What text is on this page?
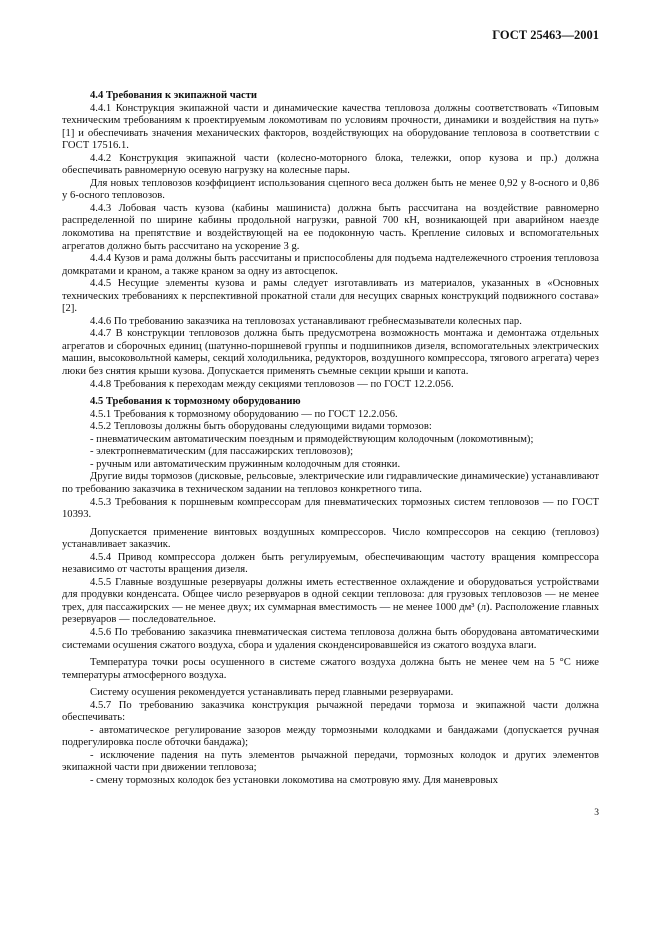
ГОСТ 25463—2001

4.4 Требования к экипажной части

4.4.1 Конструкция экипажной части и динамические качества тепловоза должны соответствовать «Типовым техническим требованиям к проектируемым локомотивам по условиям прочности, динамики и воздействия на путь» [1] и обеспечивать значения механических факторов, воздействующих на оборудование тепловоза в соответствии с ГОСТ 17516.1.

4.4.2 Конструкция экипажной части (колесно-моторного блока, тележки, опор кузова и пр.) должна обеспечивать равномерную осевую нагрузку на колесные пары.

Для новых тепловозов коэффициент использования сцепного веса должен быть не менее 0,92 у 8-осного и 0,86 у 6-осного тепловозов.

4.4.3 Лобовая часть кузова (кабины машиниста) должна быть рассчитана на воздействие равномерно распределенной по ширине кабины продольной нагрузки, равной 700 кН, возникающей при аварийном наезде локомотива на препятствие и воздействующей на ее подоконную часть. Крепление силовых и вспомогательных агрегатов должно быть рассчитано на ускорение 3 g.

4.4.4 Кузов и рама должны быть рассчитаны и приспособлены для подъема надтележечного строения тепловоза домкратами и краном, а также краном за одну из автосцепок.

4.4.5 Несущие элементы кузова и рамы следует изготавливать из материалов, указанных в «Основных технических требованиях к перспективной прокатной стали для несущих сварных конструкций подвижного состава» [2].

4.4.6 По требованию заказчика на тепловозах устанавливают гребнесмазыватели колесных пар.

4.4.7 В конструкции тепловозов должна быть предусмотрена возможность монтажа и демонтажа отдельных агрегатов и сборочных единиц (шатунно-поршневой группы и подшипников дизеля, вспомогательных электрических машин, высоковольтной камеры, секций холодильника, редукторов, воздушного компрессора, тягового агрегата) через люки без снятия крыши кузова. Допускается применять съемные секции крыши и капота.

4.4.8 Требования к переходам между секциями тепловозов — по ГОСТ 12.2.056.

4.5 Требования к тормозному оборудованию

4.5.1 Требования к тормозному оборудованию — по ГОСТ 12.2.056.

4.5.2 Тепловозы должны быть оборудованы следующими видами тормозов:

- пневматическим автоматическим поездным и прямодействующим колодочным (локомотивным);

- электропневматическим (для пассажирских тепловозов);

- ручным или автоматическим пружинным колодочным для стоянки.

Другие виды тормозов (дисковые, рельсовые, электрические или гидравлические динамические) устанавливают по требованию заказчика в техническом задании на тепловоз конкретного типа.

4.5.3 Требования к поршневым компрессорам для пневматических тормозных систем тепловозов — по ГОСТ 10393.

Допускается применение винтовых воздушных компрессоров. Число компрессоров на секцию (тепловоз) устанавливает заказчик.

4.5.4 Привод компрессора должен быть регулируемым, обеспечивающим частоту вращения компрессора независимо от частоты вращения дизеля.

4.5.5 Главные воздушные резервуары должны иметь естественное охлаждение и оборудоваться устройствами для продувки конденсата. Общее число резервуаров в одной секции тепловоза: для грузовых тепловозов — не менее трех, для пассажирских — не менее двух; их суммарная вместимость — не менее 1000 дм³ (л). Расположение главных резервуаров — последовательное.

4.5.6 По требованию заказчика пневматическая система тепловоза должна быть оборудована автоматическими системами осушения сжатого воздуха, сбора и удаления сконденсировавшейся из сжатого воздуха влаги.

Температура точки росы осушенного в системе сжатого воздуха должна быть не менее чем на 5 °С ниже температуры атмосферного воздуха.

Систему осушения рекомендуется устанавливать перед главными резервуарами.

4.5.7 По требованию заказчика конструкция рычажной передачи тормоза и экипажной части должна обеспечивать:

- автоматическое регулирование зазоров между тормозными колодками и бандажами (допускается ручная подрегулировка после обточки бандажа);

- исключение падения на путь элементов рычажной передачи, тормозных колодок и других элементов экипажной части при движении тепловоза;

- смену тормозных колодок без установки локомотива на смотровую яму. Для маневровых

3
